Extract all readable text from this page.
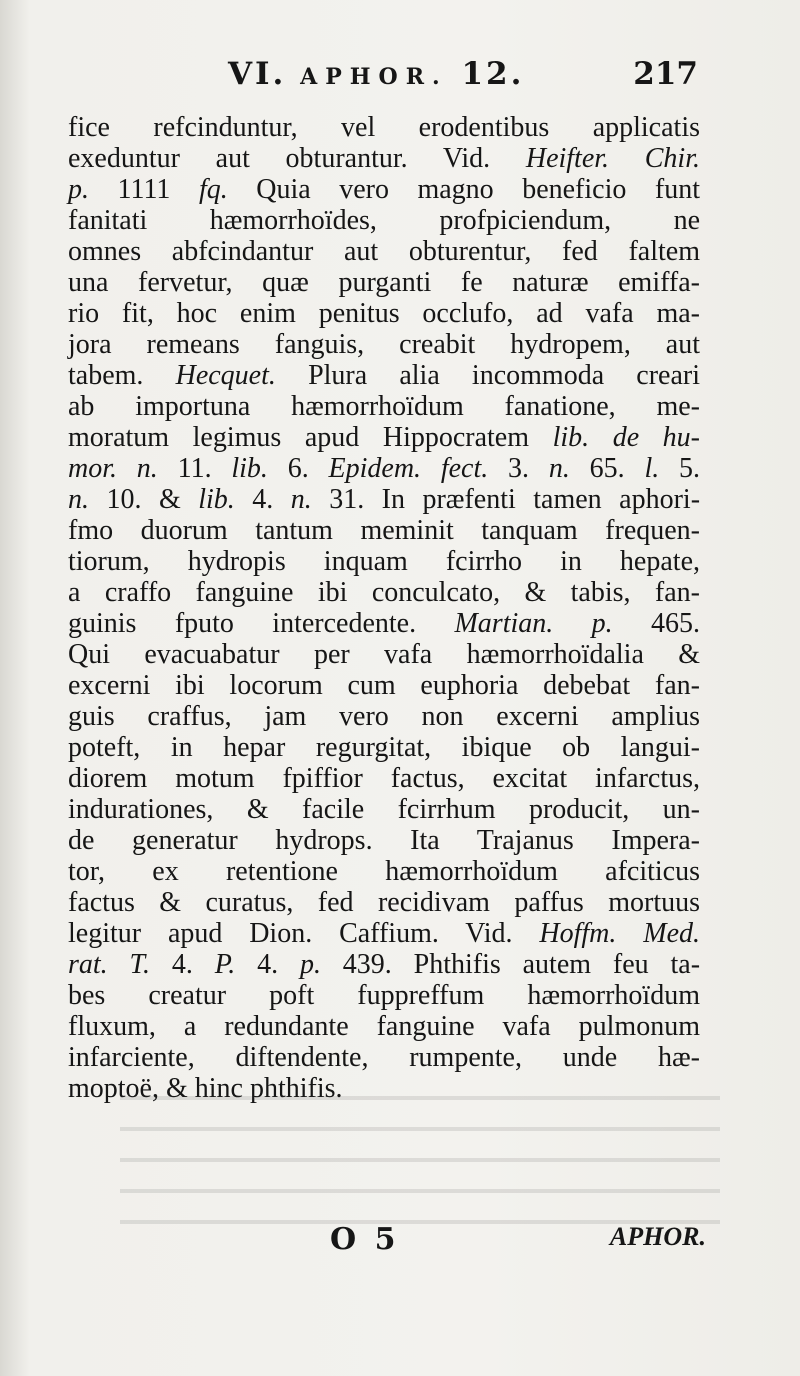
VI. APHOR. 12.	217
fice refcinduntur, vel erodentibus applicatis
exeduntur aut obturantur. Vid. Heifter. Chir.
p. 1111 fq. Quia vero magno beneficio funt
fanitati hæmorrhoïdes, profpiciendum, ne
omnes abfcindantur aut obturentur, fed faltem
una fervetur, quæ purganti fe naturæ emiffa-
rio fit, hoc enim penitus occlufo, ad vafa ma-
jora remeans fanguis, creabit hydropem, aut
tabem. Hecquet. Plura alia incommoda creari
ab importuna hæmorrhoïdum fanatione, me-
moratum legimus apud Hippocratem lib. de hu-
mor. n. 11. lib. 6. Epidem. fect. 3. n. 65. l. 5.
n. 10. & lib. 4. n. 31. In præfenti tamen aphori-
fmo duorum tantum meminit tanquam frequen-
tiorum, hydropis inquam fcirrho in hepate,
a craffo fanguine ibi conculcato, & tabis, fan-
guinis fputo intercedente. Martian. p. 465.
Qui evacuabatur per vafa hæmorrhoïdalia &
excerni ibi locorum cum euphoria debebat fan-
guis craffus, jam vero non excerni amplius
poteft, in hepar regurgitat, ibique ob langui-
diorem motum fpiffior factus, excitat infarctus,
indurationes, & facile fcirrhum producit, un-
de generatur hydrops. Ita Trajanus Impera-
tor, ex retentione hæmorrhoïdum afciticus
factus & curatus, fed recidivam paffus mortuus
legitur apud Dion. Caffium. Vid. Hoffm. Med.
rat. T. 4. P. 4. p. 439. Phthifis autem feu ta-
bes creatur poft fuppreffum hæmorrhoïdum
fluxum, a redundante fanguine vafa pulmonum
infarciente, diftendente, rumpente, unde hæ-
moptoë, & hinc phthifis.
O 5	APHOR.
